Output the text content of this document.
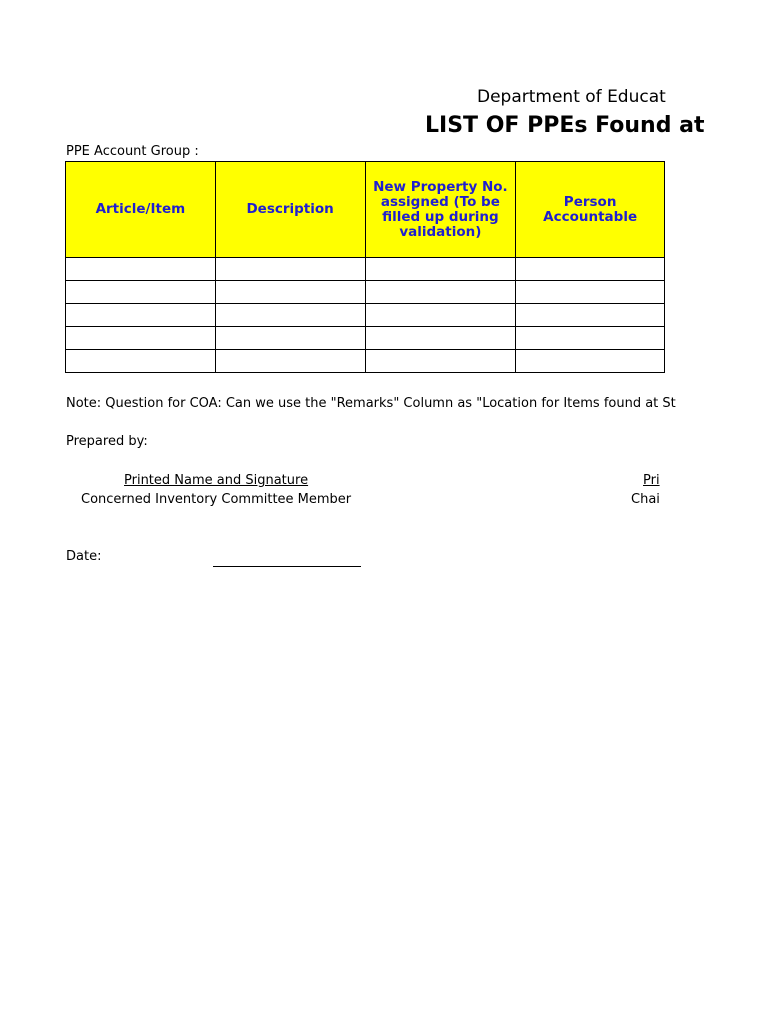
Department of Educat
LIST OF PPEs Found at
PPE Account Group :
Article/Item	Description	New Property No. assigned (To be filled up during validation)	Person Accountable

Note: Question for COA: Can we use the "Remarks" Column as "Location for Items found at St
Prepared by:
Printed Name and Signature
Concerned Inventory Committee Member
Pri
Chai
Date:
